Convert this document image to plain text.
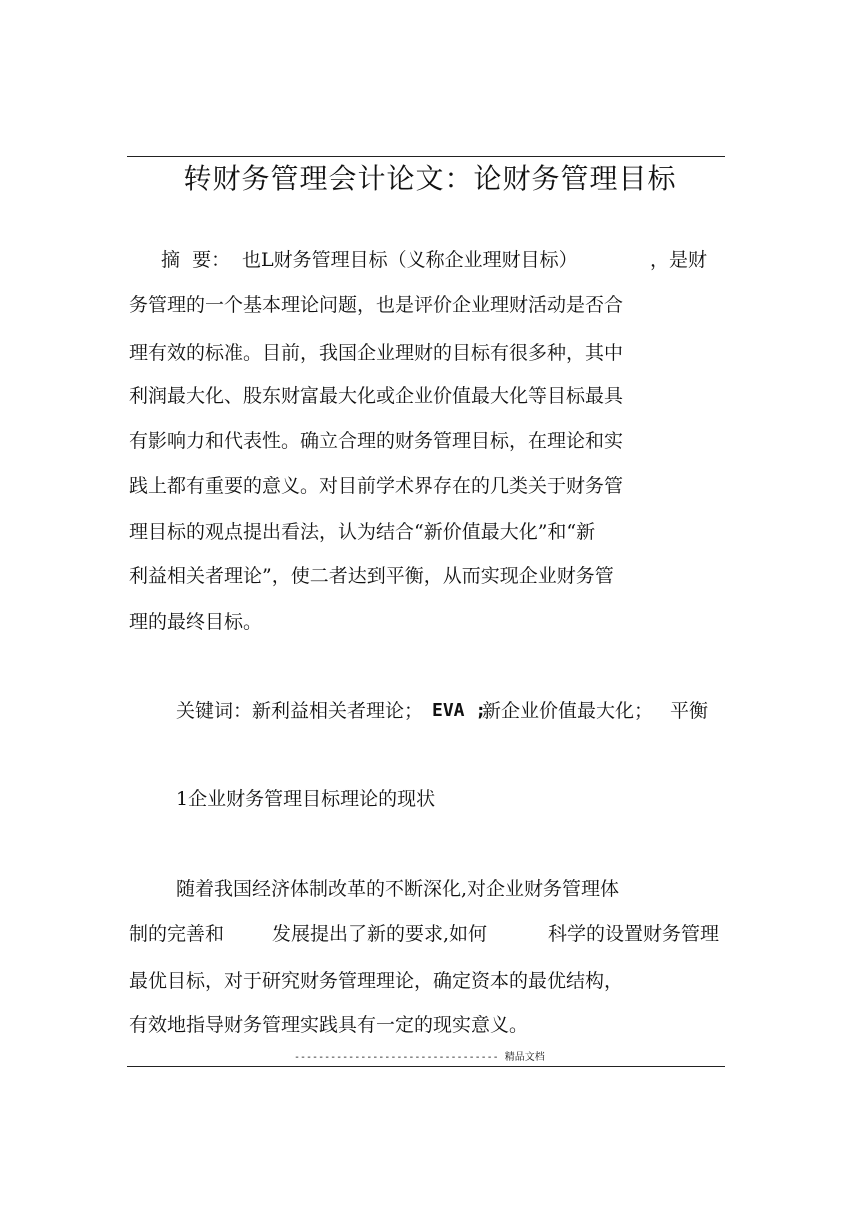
转财务管理会计论文：论财务管理目标
摘  要： 也L财务管理目标（义称企业理财目标）	，是财
务管理的一个基本理论问题，也是评价企业理财活动是否合
理有效的标准。目前，我国企业理财的目标有很多种，其中
利润最大化、股东财富最大化或企业价值最大化等目标最具
有影响力和代表性。确立合理的财务管理目标，在理论和实
践上都有重要的意义。对目前学术界存在的几类关于财务管
理目标的观点提出看法，认为结合“新价值最大化”和“新
利益相关者理论”，使二者达到平衡，从而实现企业财务管
理的最终目标。
关键词：新利益相关者理论； EVA ;
新企业价值最大化； 平衡
1企业财务管理目标理论的现状
随着我国经济体制改革的不断深化,对企业财务管理体
制的完善和	发展提出了新的要求,如何	科学的设置财务管理
最优目标，对于研究财务管理理论，确定资本的最优结构，
有效地指导财务管理实践具有一定的现实意义。
---------------------------------- 精品文档
